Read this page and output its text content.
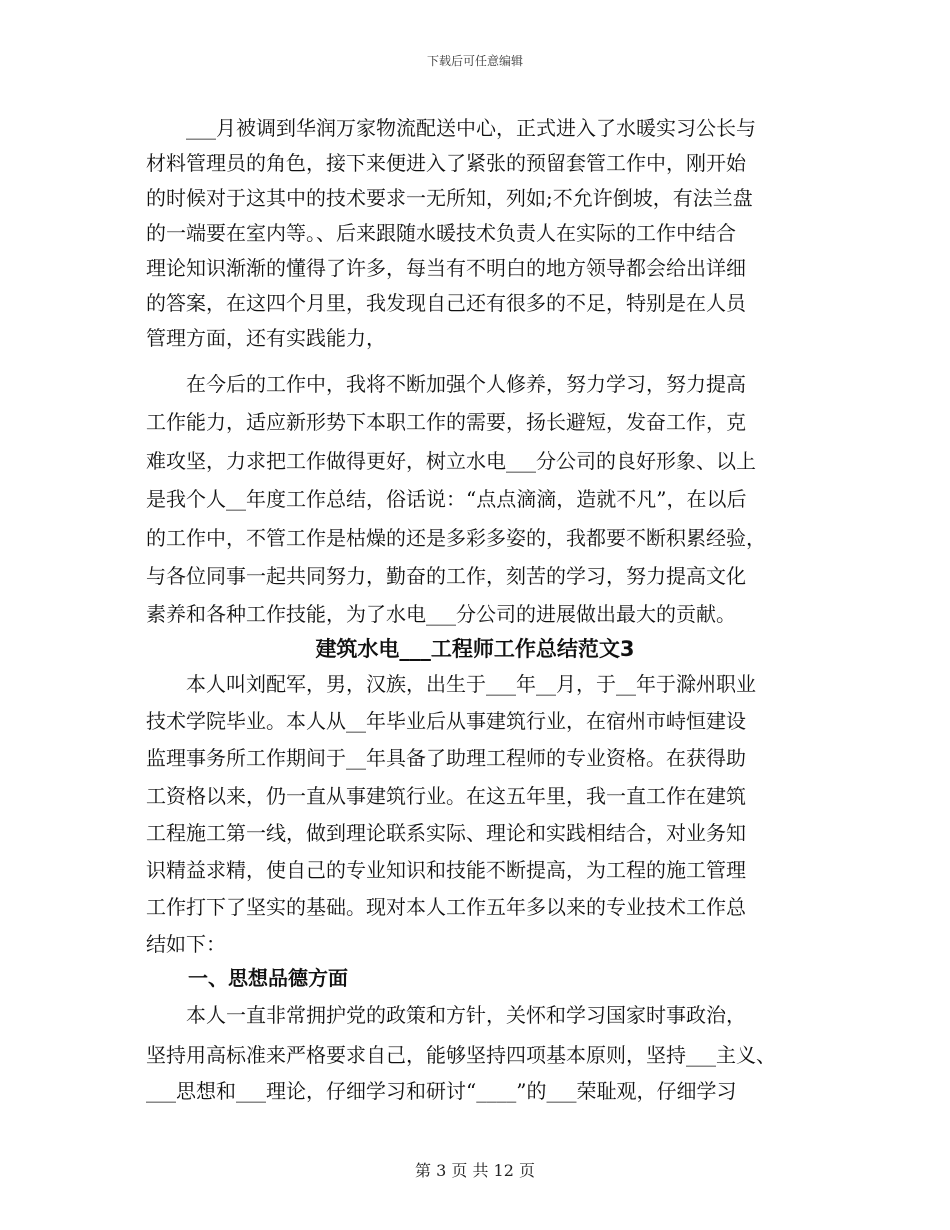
下载后可任意编辑
　　___月被调到华润万家物流配送中心，正式进入了水暖实习公长与
材料管理员的角色，接下来便进入了紧张的预留套管工作中，刚开始
的时候对于这其中的技术要求一无所知，列如;不允许倒坡，有法兰盘
的一端要在室内等。、后来跟随水暖技术负责人在实际的工作中结合
理论知识渐渐的懂得了许多，每当有不明白的地方领导都会给出详细
的答案，在这四个月里，我发现自己还有很多的不足，特别是在人员
管理方面，还有实践能力，
　　在今后的工作中，我将不断加强个人修养，努力学习，努力提高
工作能力，适应新形势下本职工作的需要，扬长避短，发奋工作，克
难攻坚，力求把工作做得更好，树立水电___分公司的良好形象、以上
是我个人__年度工作总结，俗话说：“点点滴滴，造就不凡”，在以后
的工作中，不管工作是枯燥的还是多彩多姿的，我都要不断积累经验，
与各位同事一起共同努力，勤奋的工作，刻苦的学习，努力提高文化
素养和各种工作技能，为了水电___分公司的进展做出最大的贡献。
建筑水电___工程师工作总结范文3
　　本人叫刘配军，男，汉族，出生于___年__月，于__年于滁州职业
技术学院毕业。本人从__年毕业后从事建筑行业，在宿州市峙恒建设
监理事务所工作期间于__年具备了助理工程师的专业资格。在获得助
工资格以来，仍一直从事建筑行业。在这五年里，我一直工作在建筑
工程施工第一线，做到理论联系实际、理论和实践相结合，对业务知
识精益求精，使自己的专业知识和技能不断提高，为工程的施工管理
工作打下了坚实的基础。现对本人工作五年多以来的专业技术工作总
结如下：
一、思想品德方面
　　本人一直非常拥护党的政策和方针，关怀和学习国家时事政治，
坚持用高标准来严格要求自己，能够坚持四项基本原则，坚持___主义、
___思想和___理论，仔细学习和研讨“____”的___荣耻观，仔细学习
第 3 页 共 12 页
